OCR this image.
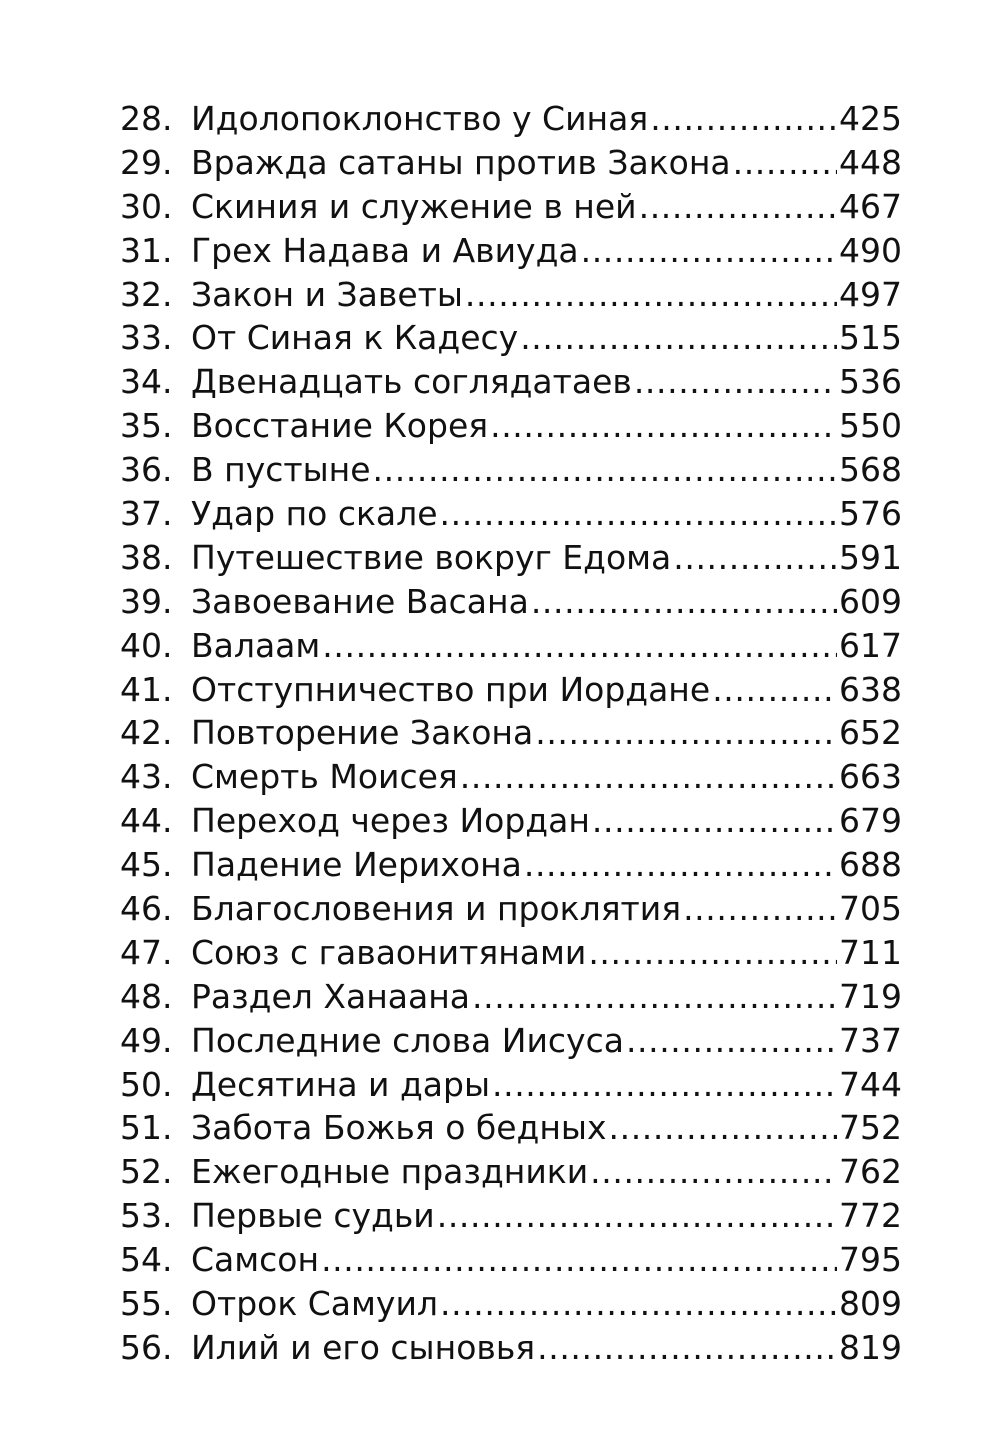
28. Идолопоклонство у Синая .....	425
29. Вражда сатаны против Закона .....	448
30. Скиния и служение в ней .....	467
31. Грех Надава и Авиуда .....	490
32. Закон и Заветы .....	497
33. От Синая к Кадесу .....	515
34. Двенадцать соглядатаев .....	536
35. Восстание Корея .....	550
36. В пустыне .....	568
37. Удар по скале .....	576
38. Путешествие вокруг Едома .....	591
39. Завоевание Васана .....	609
40. Валаам .....	617
41. Отступничество при Иордане .....	638
42. Повторение Закона .....	652
43. Смерть Моисея .....	663
44. Переход через Иордан .....	679
45. Падение Иерихона .....	688
46. Благословения и проклятия .....	705
47. Союз с гаваонитянами .....	711
48. Раздел Ханаана .....	719
49. Последние слова Иисуса .....	737
50. Десятина и дары .....	744
51. Забота Божья о бедных .....	752
52. Ежегодные праздники .....	762
53. Первые судьи .....	772
54. Самсон .....	795
55. Отрок Самуил .....	809
56. Илий и его сыновья .....	819
